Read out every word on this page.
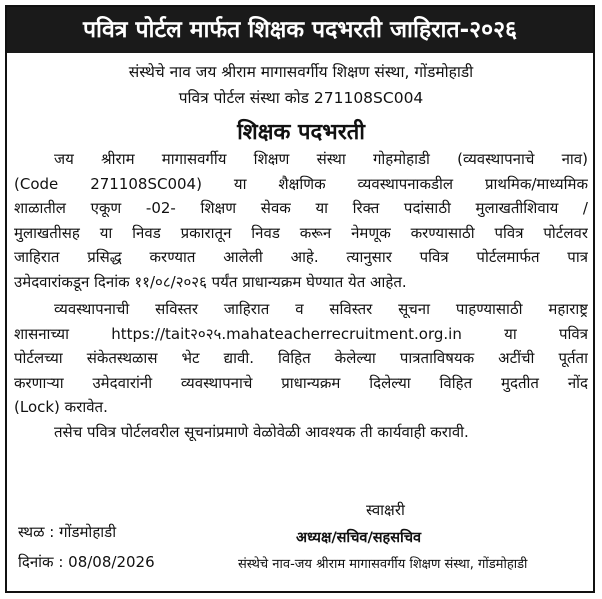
पवित्र पोर्टल मार्फत शिक्षक पदभरती जाहिरात-२०२६
संस्थेचे नाव जय श्रीराम मागासवर्गीय शिक्षण संस्था, गोंडमोहाडी
पवित्र पोर्टल संस्था कोड 271108SC004
शिक्षक पदभरती
जय श्रीराम मागासवर्गीय शिक्षण संस्था गोहमोहाडी (व्यवस्थापनाचे नाव)
(Code 271108SC004) या शैक्षणिक व्यवस्थापनाकडील प्राथमिक/माध्यमिक
शाळातील एकूण -02- शिक्षण सेवक या रिक्त पदांसाठी मुलाखतीशिवाय /
मुलाखतीसह या निवड प्रकारातून निवड करून नेमणूक करण्यासाठी पवित्र पोर्टलवर
जाहिरात प्रसिद्ध करण्यात आलेली आहे. त्यानुसार पवित्र पोर्टलमार्फत पात्र
उमेदवारांकडून दिनांक ११/०८/२०२६ पर्यंत प्राधान्यक्रम घेण्यात येत आहेत.
व्यवस्थापनाची सविस्तर जाहिरात व सविस्तर सूचना पाहण्यासाठी महाराष्ट्र
शासनाच्या https://tait२०२५.mahateacherrecruitment.org.in या पवित्र
पोर्टलच्या संकेतस्थळास भेट द्यावी. विहित केलेल्या पात्रताविषयक अटींची पूर्तता
करणाऱ्या उमेदवारांनी व्यवस्थापनाचे प्राधान्यक्रम दिलेल्या विहित मुदतीत नोंद
(Lock) करावेत.
तसेच पवित्र पोर्टलवरील सूचनांप्रमाणे वेळोवेळी आवश्यक ती कार्यवाही करावी.
स्वाक्षरी
स्थळ : गोंडमोहाडी	अध्यक्ष/सचिव/सहसचिव
दिनांक : 08/08/2026	संस्थेचे नाव-जय श्रीराम मागासवर्गीय शिक्षण संस्था, गोंडमोहाडी
